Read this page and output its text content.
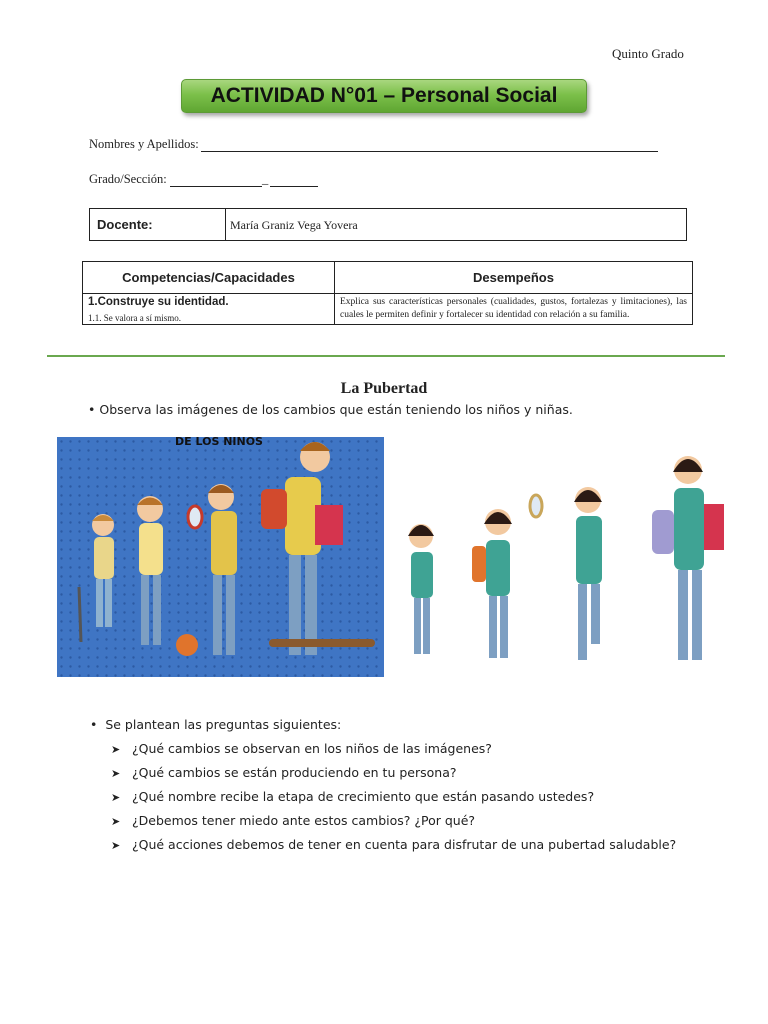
Quinto Grado
ACTIVIDAD N°01 – Personal Social
Nombres y Apellidos:
Grado/Sección:	_
Docente:	María Graniz Vega Yovera
Competencias/Capacidades	Desempeños

1.Construye su identidad.
1.1. Se valora a sí mismo.	Explica sus características personales (cualidades, gustos, fortalezas y limitaciones), las cuales le permiten definir y fortalecer su identidad con relación a su familia.
La Pubertad
• Observa las imágenes de los cambios que están teniendo los niños y niñas.
DE LOS NIÑOS
•  Se plantean las preguntas siguientes:
➤ ¿Qué cambios se observan en los niños de las imágenes?
➤ ¿Qué cambios se están produciendo en tu persona?
➤ ¿Qué nombre recibe la etapa de crecimiento que están pasando ustedes?
➤ ¿Debemos tener miedo ante estos cambios? ¿Por qué?
➤ ¿Qué acciones debemos de tener en cuenta para disfrutar de una pubertad saludable?
